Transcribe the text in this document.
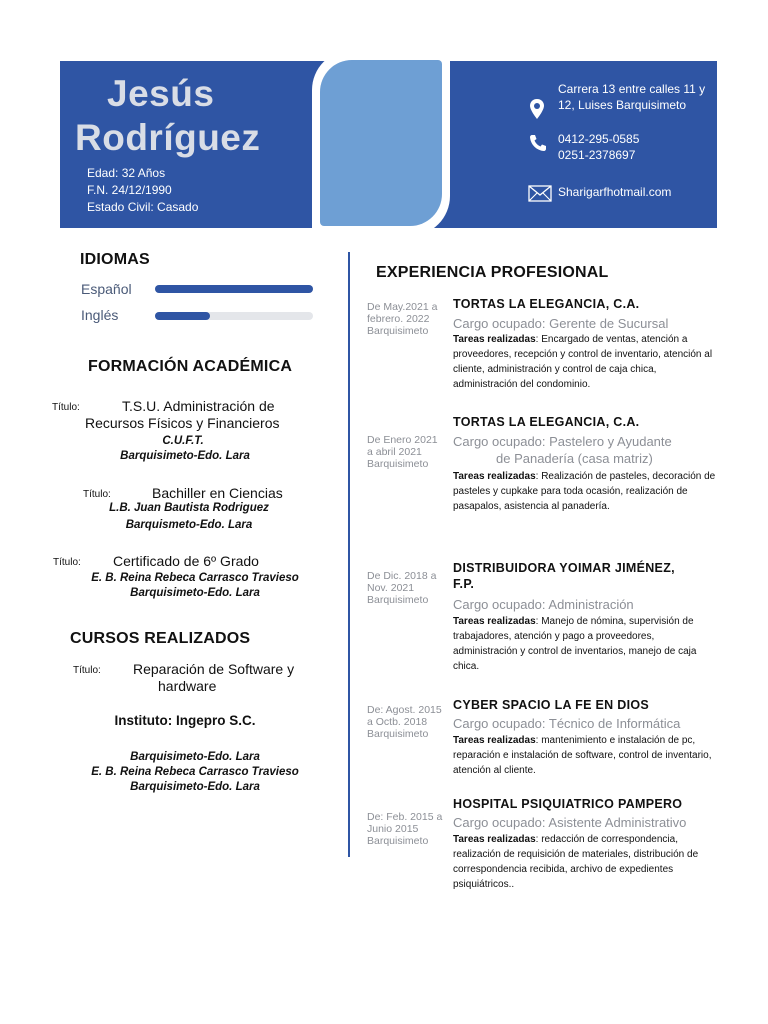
Jesús
Rodríguez
Edad: 32 Años
F.N. 24/12/1990
Estado Civil: Casado
Carrera 13 entre calles 11 y
12, Luises Barquisimeto
0412-295-0585
0251-2378697
Sharigarfhotmail.com
IDIOMAS
Español
Inglés
FORMACIÓN ACADÉMICA
Título:	T.S.U. Administración de
Recursos Físicos y Financieros
C.U.F.T.
Barquisimeto-Edo. Lara
Título:	Bachiller en Ciencias
L.B. Juan Bautista Rodriguez
Barquismeto-Edo. Lara
Título: Certificado de 6º Grado
E. B. Reina Rebeca Carrasco Travieso
Barquisimeto-Edo. Lara
CURSOS REALIZADOS
Título: Reparación de Software y
hardware
Instituto: Ingepro S.C.
Barquisimeto-Edo. Lara
E. B. Reina Rebeca Carrasco Travieso
Barquisimeto-Edo. Lara
EXPERIENCIA PROFESIONAL
De May.2021 a
febrero. 2022
Barquisimeto
TORTAS LA ELEGANCIA, C.A.
Cargo ocupado: Gerente de Sucursal
Tareas realizadas: Encargado de ventas, atención a proveedores, recepción y control de inventario, atención al cliente, administración y control de caja chica, administración del condominio.
De Enero 2021
a abril 2021
Barquisimeto
TORTAS LA ELEGANCIA, C.A.
Cargo ocupado: Pastelero y Ayudante
de Panadería (casa matriz)
Tareas realizadas: Realización de pasteles, decoración de pasteles y cupkake para toda ocasión, realización de pasapalos, asistencia al panadería.
De Dic. 2018 a
Nov. 2021
Barquisimeto
DISTRIBUIDORA YOIMAR JIMÉNEZ,
F.P.
Cargo ocupado: Administración
Tareas realizadas: Manejo de nómina, supervisión de trabajadores, atención y pago a proveedores, administración y control de inventarios, manejo de caja chica.
De: Agost. 2015
a Octb. 2018
Barquisimeto
CYBER SPACIO LA FE EN DIOS
Cargo ocupado: Técnico de Informática
Tareas realizadas: mantenimiento e instalación de pc, reparación e instalación de software, control de inventario, atención al cliente.
De: Feb. 2015 a
Junio 2015
Barquisimeto
HOSPITAL PSIQUIATRICO PAMPERO
Cargo ocupado: Asistente Administrativo
Tareas realizadas: redacción de correspondencia, realización de requisición de materiales, distribución de correspondencia recibida, archivo de expedientes psiquiátricos..
